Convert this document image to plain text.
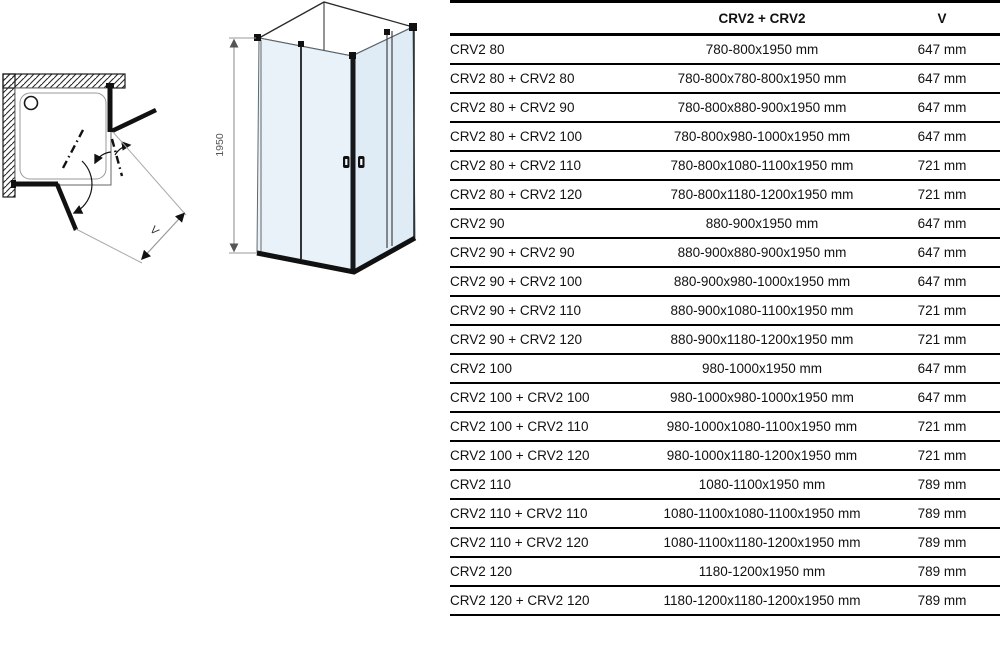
V
1950
	CRV2 + CRV2	V
CRV2 80	780-800x1950 mm	647 mm
CRV2 80 + CRV2 80	780-800x780-800x1950 mm	647 mm
CRV2 80 + CRV2 90	780-800x880-900x1950 mm	647 mm
CRV2 80 + CRV2 100	780-800x980-1000x1950 mm	647 mm
CRV2 80 + CRV2 110	780-800x1080-1100x1950 mm	721 mm
CRV2 80 + CRV2 120	780-800x1180-1200x1950 mm	721 mm
CRV2 90	880-900x1950 mm	647 mm
CRV2 90 + CRV2 90	880-900x880-900x1950 mm	647 mm
CRV2 90 + CRV2 100	880-900x980-1000x1950 mm	647 mm
CRV2 90 + CRV2 110	880-900x1080-1100x1950 mm	721 mm
CRV2 90 + CRV2 120	880-900x1180-1200x1950 mm	721 mm
CRV2 100	980-1000x1950 mm	647 mm
CRV2 100 + CRV2 100	980-1000x980-1000x1950 mm	647 mm
CRV2 100 + CRV2 110	980-1000x1080-1100x1950 mm	721 mm
CRV2 100 + CRV2 120	980-1000x1180-1200x1950 mm	721 mm
CRV2 110	1080-1100x1950 mm	789 mm
CRV2 110 + CRV2 110	1080-1100x1080-1100x1950 mm	789 mm
CRV2 110 + CRV2 120	1080-1100x1180-1200x1950 mm	789 mm
CRV2 120	1180-1200x1950 mm	789 mm
CRV2 120 + CRV2 120	1180-1200x1180-1200x1950 mm	789 mm
